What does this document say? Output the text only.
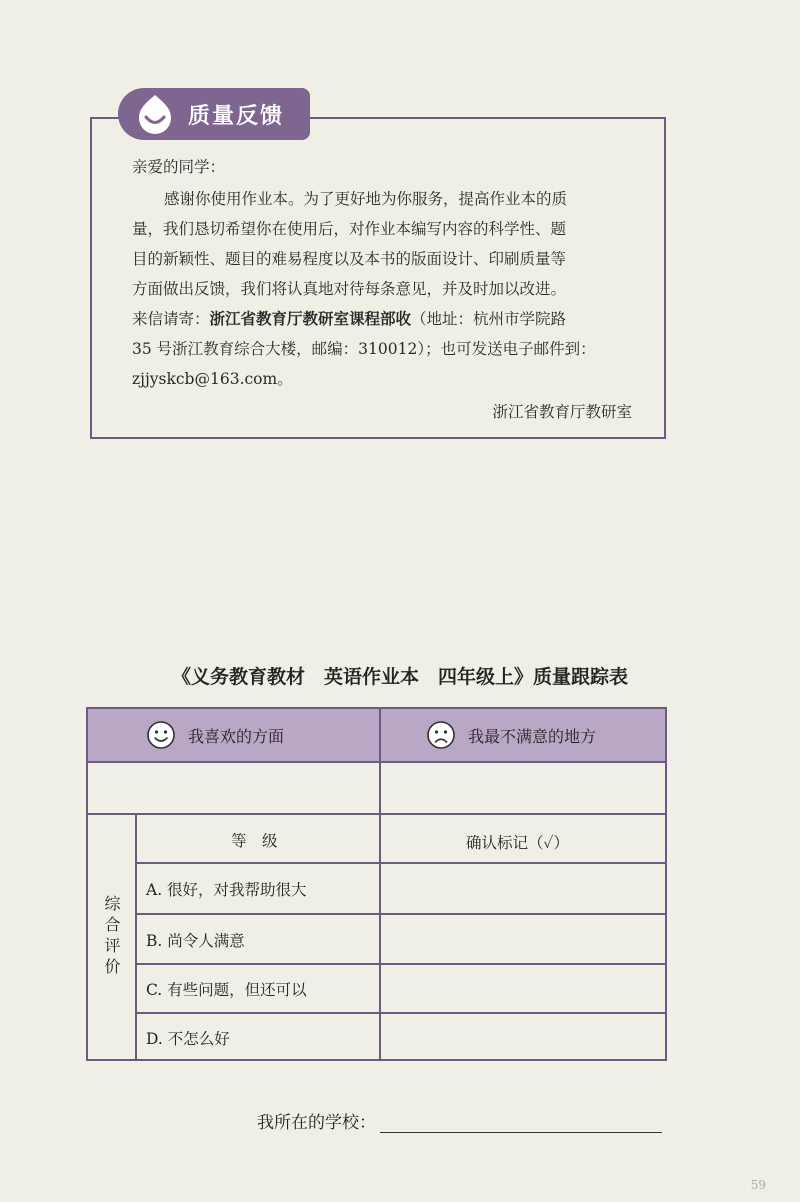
质量反馈
亲爱的同学：

感谢你使用作业本。为了更好地为你服务，提高作业本的质

量，我们恳切希望你在使用后，对作业本编写内容的科学性、题

目的新颖性、题目的难易程度以及本书的版面设计、印刷质量等

方面做出反馈，我们将认真地对待每条意见，并及时加以改进。

来信请寄：浙江省教育厅教研室课程部收（地址：杭州市学院路

35 号浙江教育综合大楼，邮编：310012）；也可发送电子邮件到：

zjjyskcb@163.com。

浙江省教育厅教研室
《义务教育教材　英语作业本　四年级上》质量跟踪表
我喜欢的方面	我最不满意的地方
综合评价
等　级	确认标记（✓）
A. 很好，对我帮助很大
B. 尚令人满意
C. 有些问题，但还可以
D. 不怎么好
我所在的学校：
59
